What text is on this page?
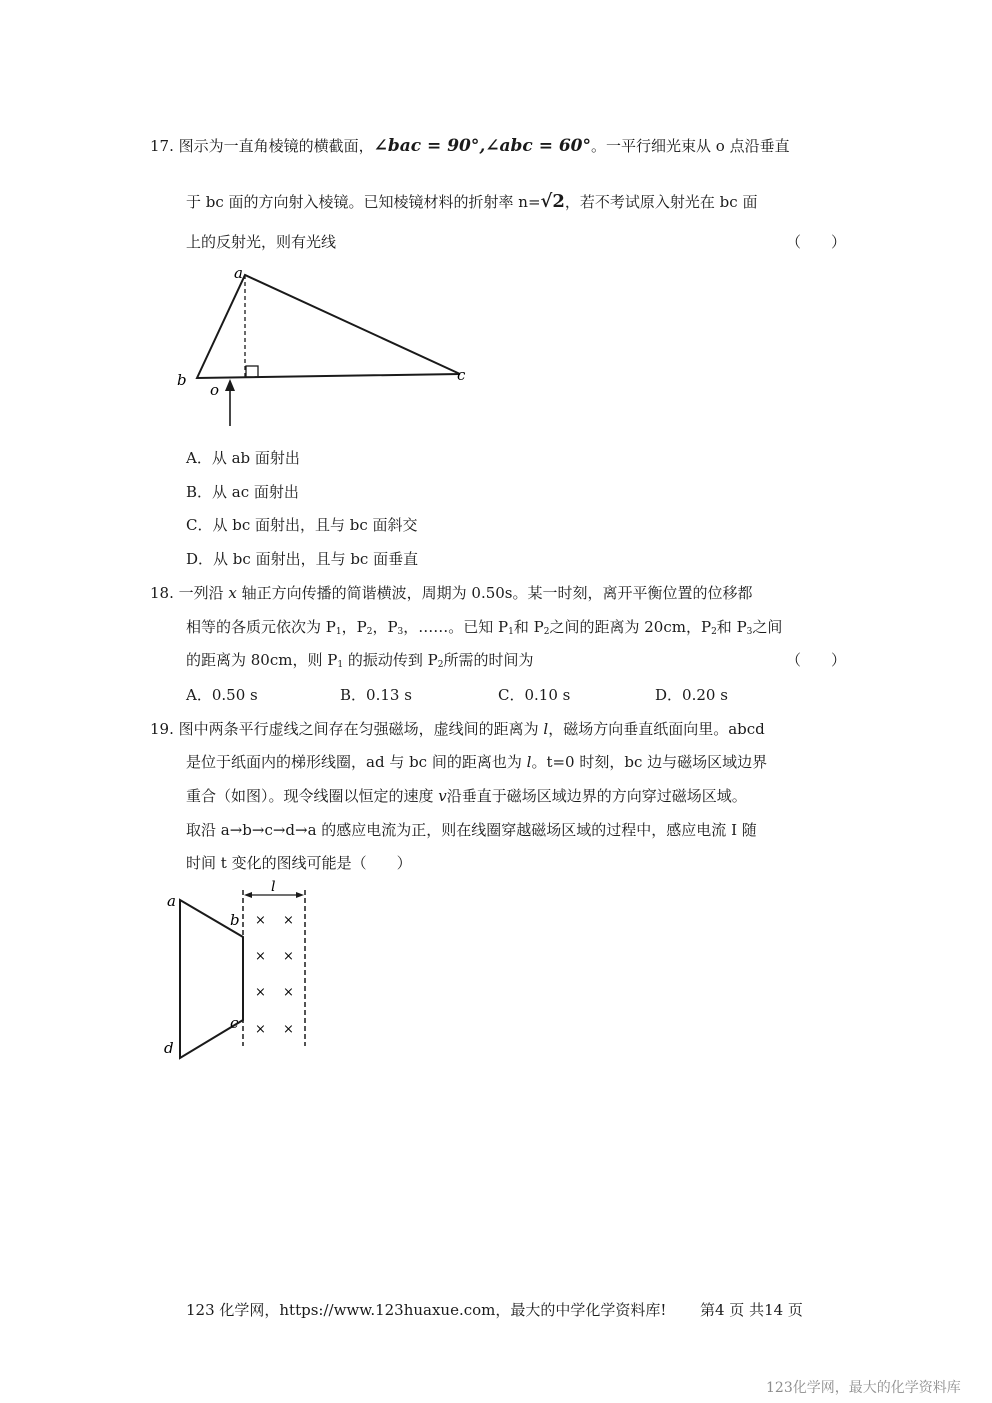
17. 图示为一直角棱镜的横截面，∠bac = 90°,∠abc = 60°。一平行细光束从 o 点沿垂直
于 bc 面的方向射入棱镜。已知棱镜材料的折射率 n=√2，若不考试原入射光在 bc 面
上的反射光，则有光线	（　　）
a
b	c
o
A．从 ab 面射出
B．从 ac 面射出
C．从 bc 面射出，且与 bc 面斜交
D．从 bc 面射出，且与 bc 面垂直
18. 一列沿 x 轴正方向传播的简谐横波，周期为 0.50s。某一时刻，离开平衡位置的位移都
相等的各质元依次为 $P_1$，$P_2$，$P_3$，……。已知 $P_1$和 $P_2$之间的距离为 20cm，$P_2$和 $P_3$之间
的距离为 80cm，则 $P_1$ 的振动传到 $P_2$所需的时间为	（　　）
A．0.50 s	B．0.13 s	C．0.10 s	D．0.20 s
19. 图中两条平行虚线之间存在匀强磁场，虚线间的距离为 l，磁场方向垂直纸面向里。abcd
是位于纸面内的梯形线圈，ad 与 bc 间的距离也为 l。t=0 时刻，bc 边与磁场区域边界
重合（如图）。现令线圈以恒定的速度 v沿垂直于磁场区域边界的方向穿过磁场区域。
取沿 a→b→c→d→a 的感应电流为正，则在线圈穿越磁场区域的过程中，感应电流 I 随
时间 t 变化的图线可能是（　　）
l
a
b
c
d
× ×
× ×
× ×
× ×
123 化学网，https://www.123huaxue.com，最大的中学化学资料库! 第4 页 共14 页
123化学网，最大的化学资料库
